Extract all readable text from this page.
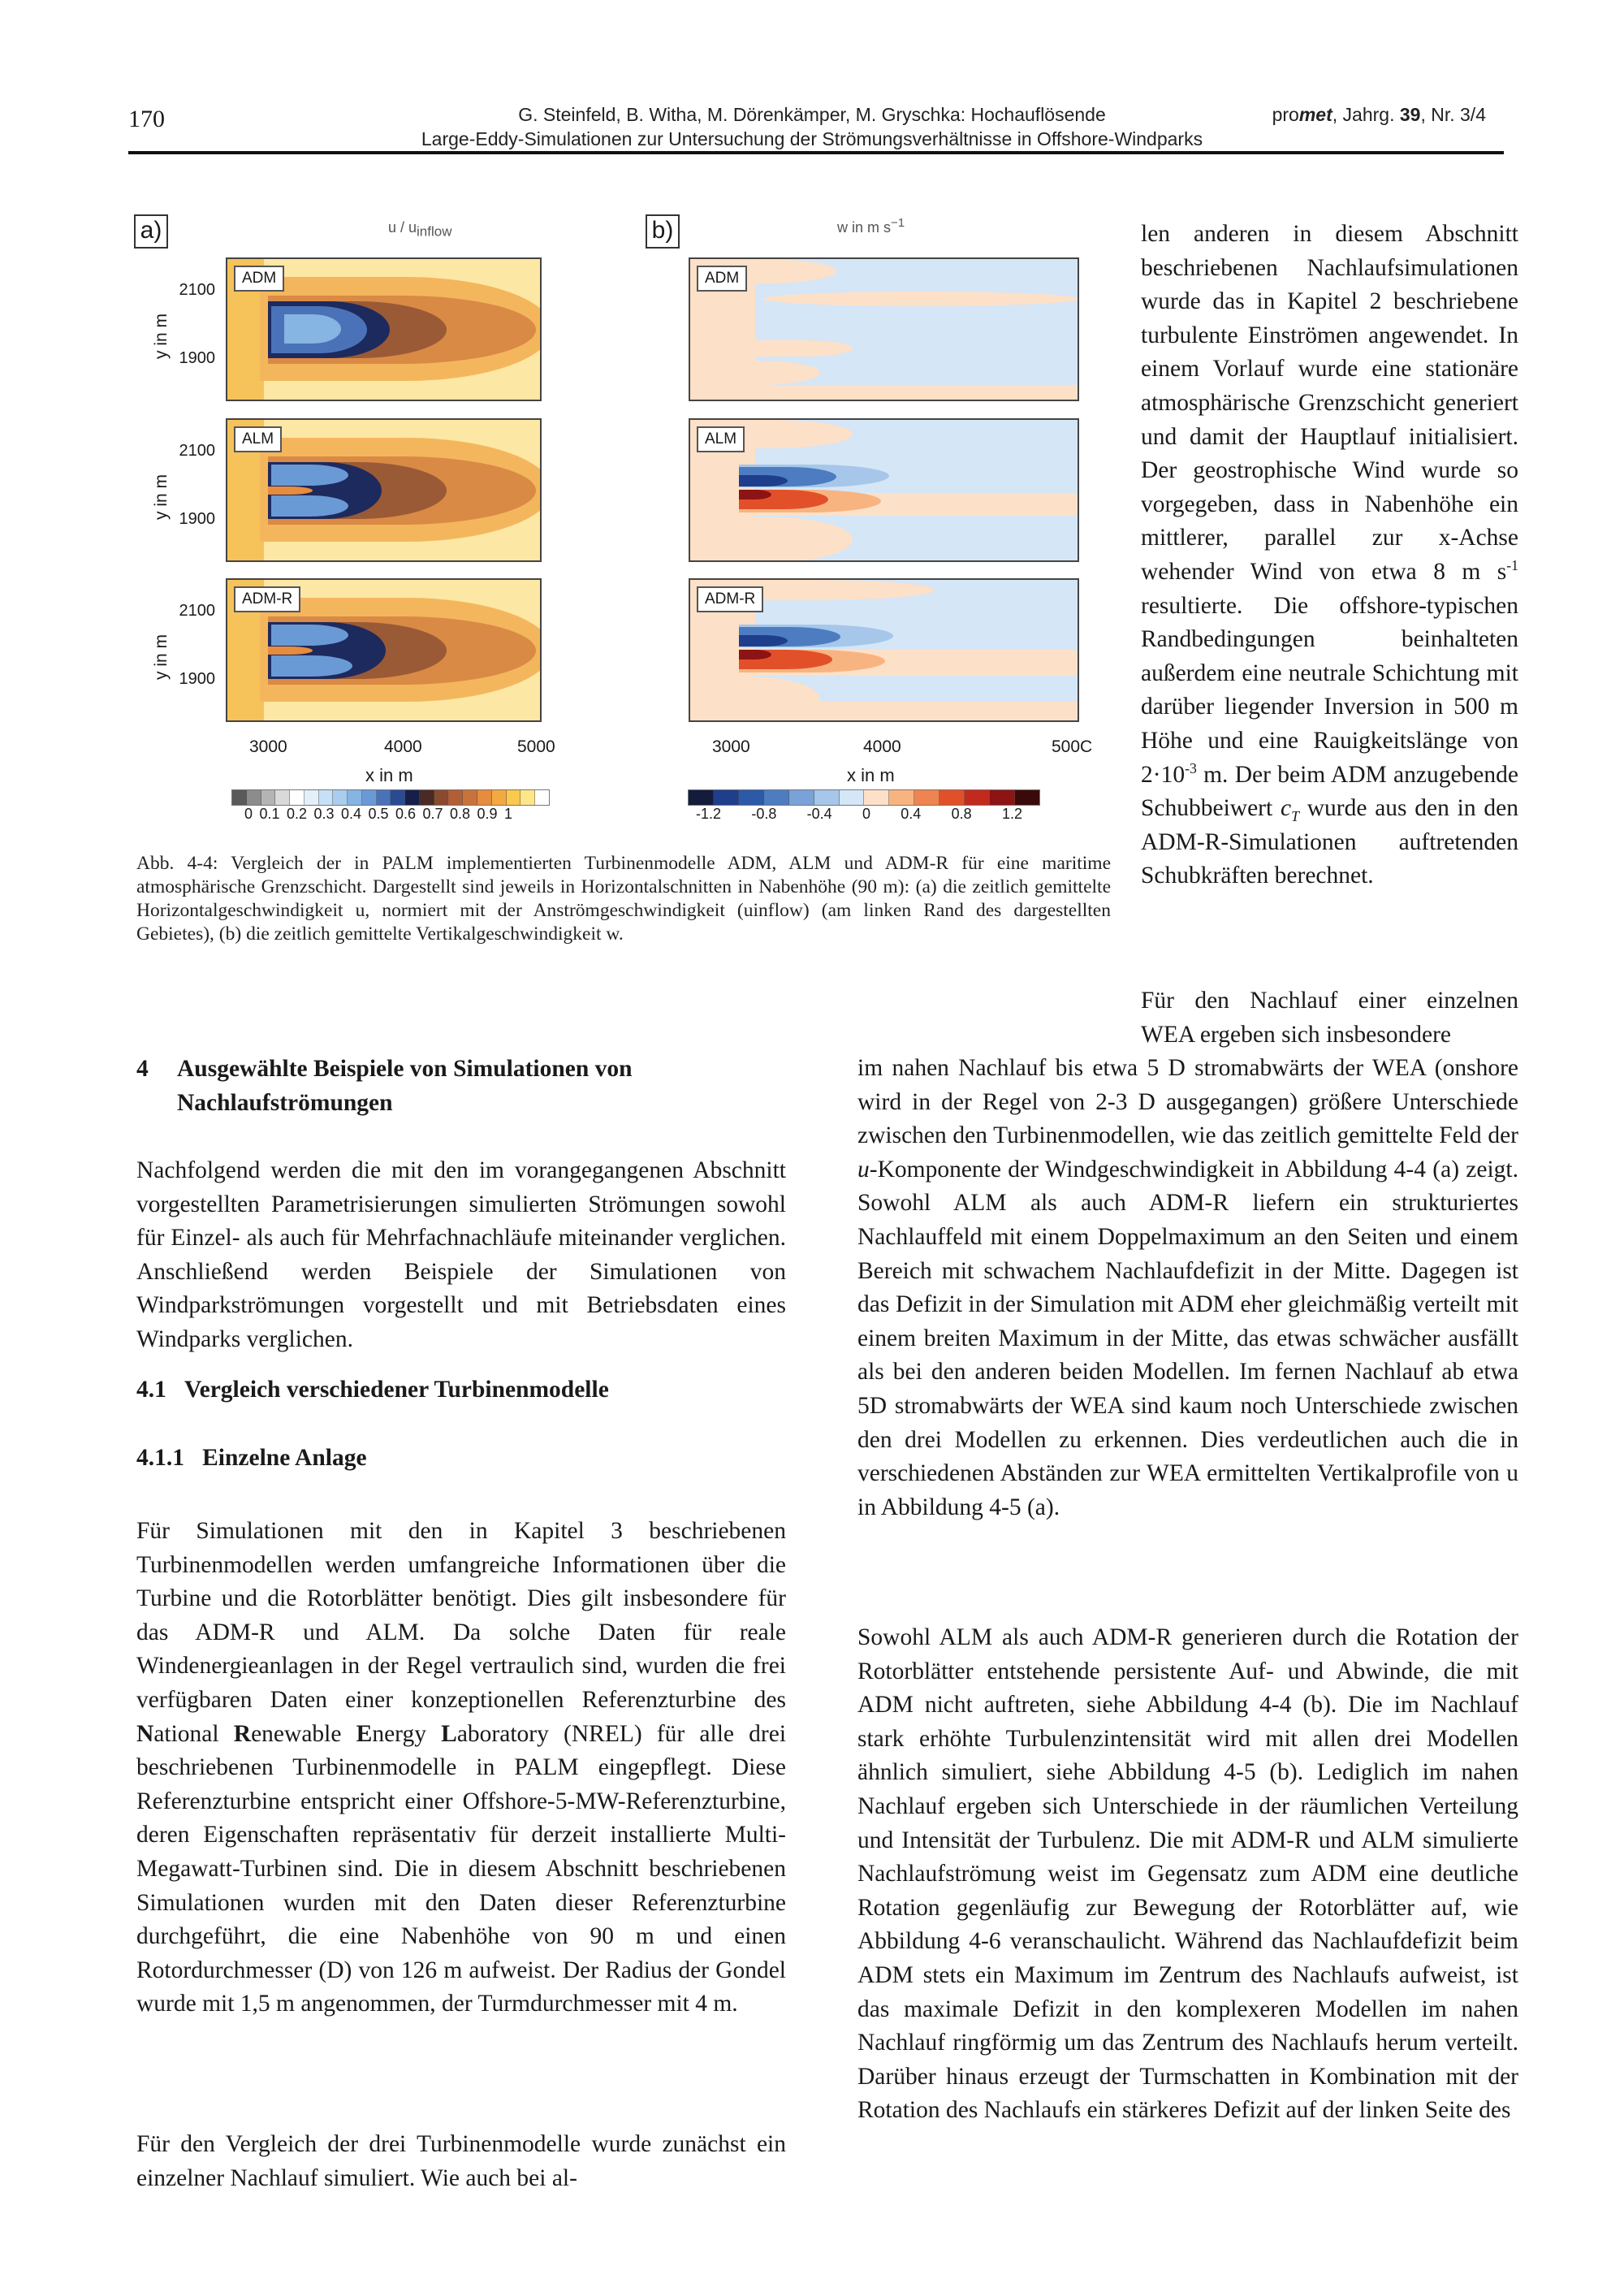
170	G. Steinfeld, B. Witha, M. Dörenkämper, M. Gryschka: Hochauflösende
Large-Eddy-Simulationen zur Untersuchung der Strömungsverhältnisse in Offshore-Windparks
promet, Jahrg. 39, Nr. 3/4
a)	u / $u_{inflow}$
ADM
ALM
ADM-R
y in m
y in m
y in m
2100
1900
2100
1900
2100
1900
3000	4000	5000
x in m
0 0.1 0.2 0.3 0.4 0.5 0.6 0.7 0.8 0.9 1
b)	w in m $s^{-1}$
ADM
ALM
ADM-R
3000	4000	500C
x in m
-1.2 -0.8 -0.4 0 0.4 0.8 1.2
Abb. 4-4: Vergleich der in PALM implementierten Turbinenmodelle ADM, ALM und ADM-R für eine maritime atmosphärische Grenzschicht. Dargestellt sind jeweils in Horizontalschnitten in Nabenhöhe (90 m): (a) die zeitlich gemittelte Horizontalgeschwindigkeit u, normiert mit der Anströmgeschwindigkeit (uinflow) (am linken Rand des dargestellten Gebietes), (b) die zeitlich gemittelte Vertikalgeschwindigkeit w.

len anderen in diesem Abschnitt beschriebenen Nachlaufsimulationen wurde das in Kapitel 2 beschriebene turbulente Einströmen angewendet. In einem Vorlauf wurde eine stationäre atmosphärische Grenzschicht generiert und damit der Hauptlauf initialisiert. Der geostrophische Wind wurde so vorgegeben, dass in Nabenhöhe ein mittlerer, parallel zur x-Achse wehender Wind von etwa 8 m $s^{-1}$ resultierte. Die offshore-typischen Randbedingungen beinhalteten außerdem eine neutrale Schichtung mit darüber liegender Inversion in 500 m Höhe und eine Rauigkeitslänge von $2\cdot 10^{-3}$ m. Der beim ADM anzugebende Schubbeiwert $c_T$ wurde aus den in den ADM-R-Simulationen auftretenden Schubkräften berechnet.

Für den Nachlauf einer einzelnen WEA ergeben sich insbesondere

im nahen Nachlauf bis etwa 5 D stromabwärts der WEA (onshore wird in der Regel von 2-3 D ausgegangen) größere Unterschiede zwischen den Turbinenmodellen, wie das zeitlich gemittelte Feld der u-Komponente der Windgeschwindigkeit in Abbildung 4-4 (a) zeigt. Sowohl ALM als auch ADM-R liefern ein strukturiertes Nachlauffeld mit einem Doppelmaximum an den Seiten und einem Bereich mit schwachem Nachlaufdefizit in der Mitte. Dagegen ist das Defizit in der Simulation mit ADM eher gleichmäßig verteilt mit einem breiten Maximum in der Mitte, das etwas schwächer ausfällt als bei den anderen beiden Modellen. Im fernen Nachlauf ab etwa 5D stromabwärts der WEA sind kaum noch Unterschiede zwischen den drei Modellen zu erkennen. Dies verdeutlichen auch die in verschiedenen Abständen zur WEA ermittelten Vertikalprofile von u in Abbildung 4-5 (a).

Sowohl ALM als auch ADM-R generieren durch die Rotation der Rotorblätter entstehende persistente Auf- und Abwinde, die mit ADM nicht auftreten, siehe Abbildung 4-4 (b). Die im Nachlauf stark erhöhte Turbulenzintensität wird mit allen drei Modellen ähnlich simuliert, siehe Abbildung 4-5 (b). Lediglich im nahen Nachlauf ergeben sich Unterschiede in der räumlichen Verteilung und Intensität der Turbulenz. Die mit ADM-R und ALM simulierte Nachlaufströmung weist im Gegensatz zum ADM eine deutliche Rotation gegenläufig zur Bewegung der Rotorblätter auf, wie Abbildung 4-6 veranschaulicht. Während das Nachlaufdefizit beim ADM stets ein Maximum im Zentrum des Nachlaufs aufweist, ist das maximale Defizit in den komplexeren Modellen im nahen Nachlauf ringförmig um das Zentrum des Nachlaufs herum verteilt. Darüber hinaus erzeugt der Turmschatten in Kombination mit der Rotation des Nachlaufs ein stärkeres Defizit auf der linken Seite des
4 Ausgewählte Beispiele von Simulationen von Nachlaufströmungen
Nachfolgend werden die mit den im vorangegangenen Abschnitt vorgestellten Parametrisierungen simulierten Strömungen sowohl für Einzel- als auch für Mehrfachnachläufe miteinander verglichen. Anschließend werden Beispiele der Simulationen von Windparkströmungen vorgestellt und mit Betriebsdaten eines Windparks verglichen.
4.1 Vergleich verschiedener Turbinenmodelle
4.1.1 Einzelne Anlage

Für Simulationen mit den in Kapitel 3 beschriebenen Turbinenmodellen werden umfangreiche Informationen über die Turbine und die Rotorblätter benötigt. Dies gilt insbesondere für das ADM-R und ALM. Da solche Daten für reale Windenergieanlagen in der Regel vertraulich sind, wurden die frei verfügbaren Daten einer konzeptionellen Referenzturbine des National Renewable Energy Laboratory (NREL) für alle drei beschriebenen Turbinenmodelle in PALM eingepflegt. Diese Referenzturbine entspricht einer Offshore-5-MW-Referenzturbine, deren Eigenschaften repräsentativ für derzeit installierte Multi-Megawatt-Turbinen sind. Die in diesem Abschnitt beschriebenen Simulationen wurden mit den Daten dieser Referenzturbine durchgeführt, die eine Nabenhöhe von 90 m und einen Rotordurchmesser (D) von 126 m aufweist. Der Radius der Gondel wurde mit 1,5 m angenommen, der Turmdurchmesser mit 4 m.

Für den Vergleich der drei Turbinenmodelle wurde zunächst ein einzelner Nachlauf simuliert. Wie auch bei al-
